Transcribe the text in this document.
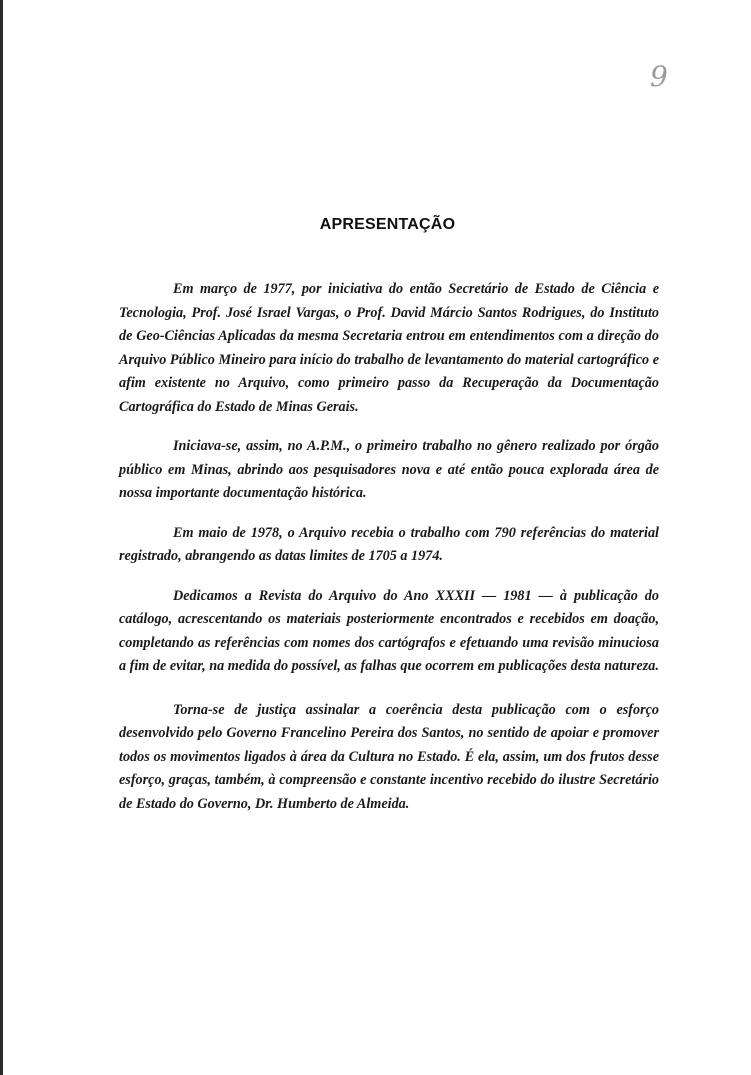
9
APRESENTAÇÃO

Em março de 1977, por iniciativa do então Secretário de Estado de Ciência e Tecnologia, Prof. José Israel Vargas, o Prof. David Márcio Santos Rodrigues, do Instituto de Geo-Ciências Aplicadas da mesma Secretaria entrou em entendimentos com a direção do Arquivo Público Mineiro para início do trabalho de levantamento do material cartográfico e afim existente no Arquivo, como primeiro passo da Recuperação da Documentação Cartográfica do Estado de Minas Gerais.

Iniciava-se, assim, no A.P.M., o primeiro trabalho no gênero realizado por órgão público em Minas, abrindo aos pesquisadores nova e até então pouca explorada área de nossa importante documentação histórica.

Em maio de 1978, o Arquivo recebia o trabalho com 790 referências do material registrado, abrangendo as datas limites de 1705 a 1974.

Dedicamos a Revista do Arquivo do Ano XXXII — 1981 — à publicação do catálogo, acrescentando os materiais posteriormente encontrados e recebidos em doação, completando as referências com nomes dos cartógrafos e efetuando uma revisão minuciosa a fim de evitar, na medida do possível, as falhas que ocorrem em publicações desta natureza.

Torna-se de justiça assinalar a coerência desta publicação com o esforço desenvolvido pelo Governo Francelino Pereira dos Santos, no sentido de apoiar e promover todos os movimentos ligados à área da Cultura no Estado. É ela, assim, um dos frutos desse esforço, graças, também, à compreensão e constante incentivo recebido do ilustre Secretário de Estado do Governo, Dr. Humberto de Almeida.
